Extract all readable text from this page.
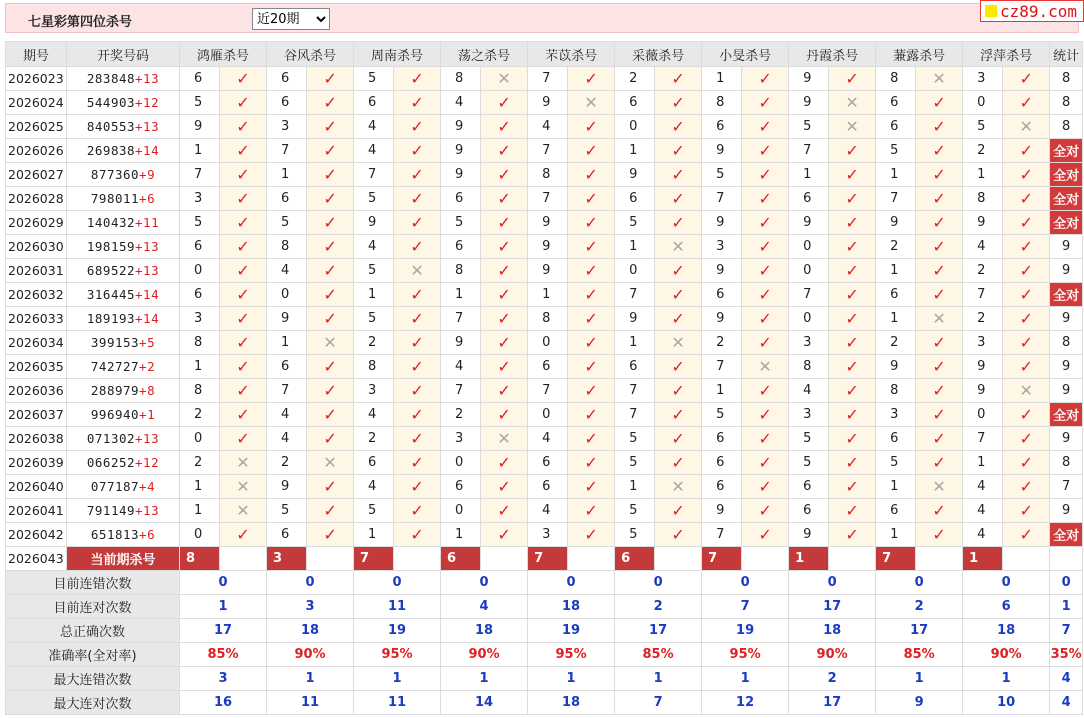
七星彩第四位杀号
近20期
cz89.com
期号	开奖号码	鸿雁杀号		谷风杀号		周南杀号		荡之杀号		芣苡杀号		采薇杀号		小旻杀号		丹霞杀号		蒹露杀号		浮萍杀号		统计
2026023	283848+13	6	✓	6	✓	5	✓	8	✕	7	✓	2	✓	1	✓	9	✓	8	✕	3	✓	8
2026024	544903+12	5	✓	6	✓	6	✓	4	✓	9	✕	6	✓	8	✓	9	✕	6	✓	0	✓	8
2026025	840553+13	9	✓	3	✓	4	✓	9	✓	4	✓	0	✓	6	✓	5	✕	6	✓	5	✕	8
2026026	269838+14	1	✓	7	✓	4	✓	9	✓	7	✓	1	✓	9	✓	7	✓	5	✓	2	✓	全对
2026027	877360+9	7	✓	1	✓	7	✓	9	✓	8	✓	9	✓	5	✓	1	✓	1	✓	1	✓	全对
2026028	798011+6	3	✓	6	✓	5	✓	6	✓	7	✓	6	✓	7	✓	6	✓	7	✓	8	✓	全对
2026029	140432+11	5	✓	5	✓	9	✓	5	✓	9	✓	5	✓	9	✓	9	✓	9	✓	9	✓	全对
2026030	198159+13	6	✓	8	✓	4	✓	6	✓	9	✓	1	✕	3	✓	0	✓	2	✓	4	✓	9
2026031	689522+13	0	✓	4	✓	5	✕	8	✓	9	✓	0	✓	9	✓	0	✓	1	✓	2	✓	9
2026032	316445+14	6	✓	0	✓	1	✓	1	✓	1	✓	7	✓	6	✓	7	✓	6	✓	7	✓	全对
2026033	189193+14	3	✓	9	✓	5	✓	7	✓	8	✓	9	✓	9	✓	0	✓	1	✕	2	✓	9
2026034	399153+5	8	✓	1	✕	2	✓	9	✓	0	✓	1	✕	2	✓	3	✓	2	✓	3	✓	8
2026035	742727+2	1	✓	6	✓	8	✓	4	✓	6	✓	6	✓	7	✕	8	✓	9	✓	9	✓	9
2026036	288979+8	8	✓	7	✓	3	✓	7	✓	7	✓	7	✓	1	✓	4	✓	8	✓	9	✕	9
2026037	996940+1	2	✓	4	✓	4	✓	2	✓	0	✓	7	✓	5	✓	3	✓	3	✓	0	✓	全对
2026038	071302+13	0	✓	4	✓	2	✓	3	✕	4	✓	5	✓	6	✓	5	✓	6	✓	7	✓	9
2026039	066252+12	2	✕	2	✕	6	✓	0	✓	6	✓	5	✓	6	✓	5	✓	5	✓	1	✓	8
2026040	077187+4	1	✕	9	✓	4	✓	6	✓	6	✓	1	✕	6	✓	6	✓	1	✕	4	✓	7
2026041	791149+13	1	✕	5	✓	5	✓	0	✓	4	✓	5	✓	9	✓	6	✓	6	✓	4	✓	9
2026042	651813+6	0	✓	6	✓	1	✓	1	✓	3	✓	5	✓	7	✓	9	✓	1	✓	4	✓	全对
2026043	当前期杀号	8		3		7		6		7		6		7		1		7		1		
目前连错次数		0		0		0		0		0		0		0		0		0		0		0
目前连对次数		1		3		11		4		18		2		7		17		2		6		1
总正确次数		17		18		19		18		19		17		19		18		17		18		7
准确率(全对率)		85%		90%		95%		90%		95%		85%		95%		90%		85%		90%		35%
最大连错次数		3		1		1		1		1		1		1		2		1		1		4
最大连对次数		16		11		11		14		18		7		12		17		9		10		4
